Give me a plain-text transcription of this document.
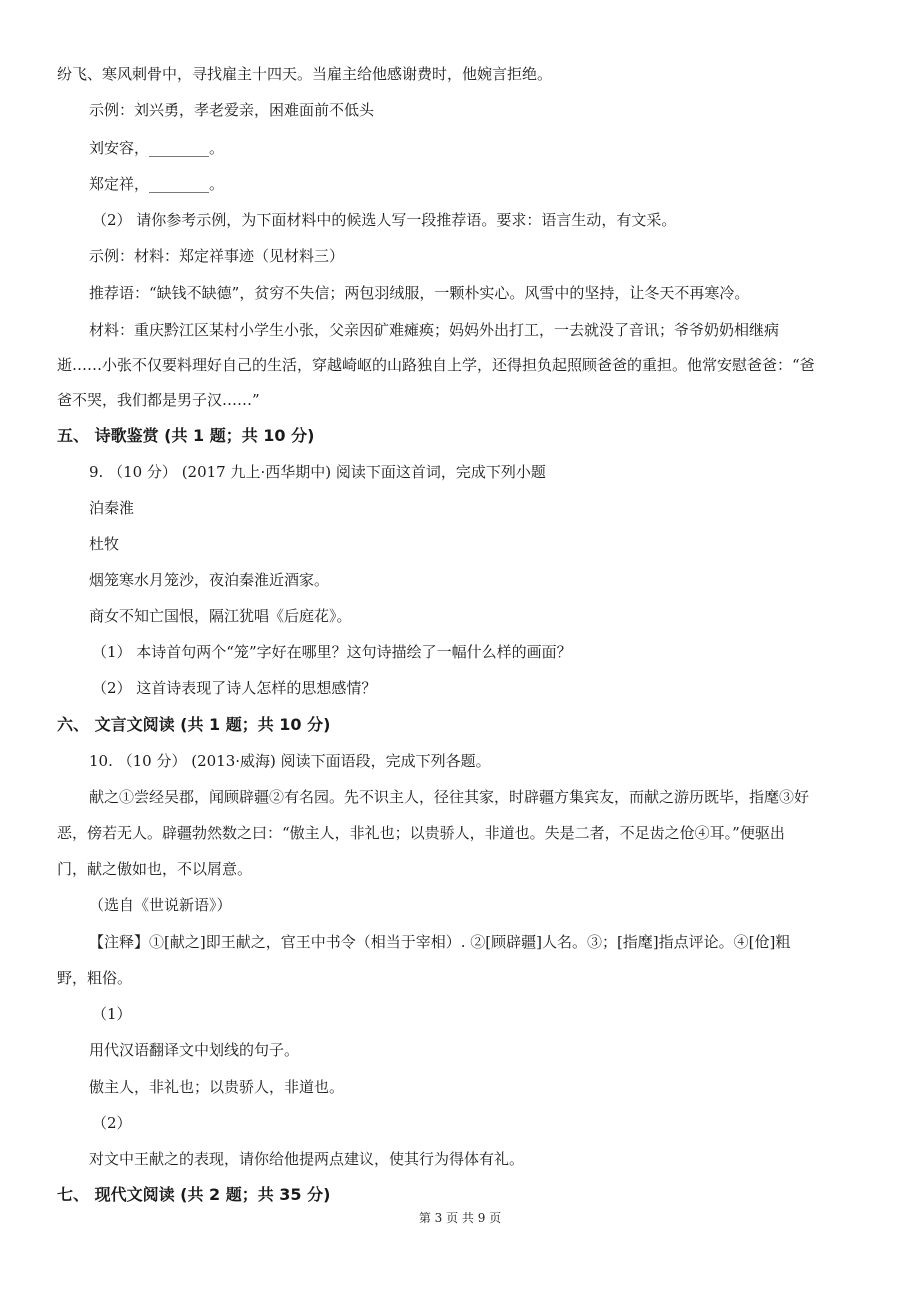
纷飞、寒风刺骨中，寻找雇主十四天。当雇主给他感谢费时，他婉言拒绝。
示例：刘兴勇，孝老爱亲，困难面前不低头
刘安容，________。
郑定祥，________。
（2） 请你参考示例，为下面材料中的候选人写一段推荐语。要求：语言生动，有文采。
示例：材料：郑定祥事迹（见材料三）
推荐语：“缺钱不缺德”，贫穷不失信；两包羽绒服，一颗朴实心。风雪中的坚持，让冬天不再寒冷。
材料：重庆黔江区某村小学生小张，父亲因矿难瘫痪；妈妈外出打工，一去就没了音讯；爷爷奶奶相继病
逝……小张不仅要料理好自己的生活，穿越崎岖的山路独自上学，还得担负起照顾爸爸的重担。他常安慰爸爸：“爸
爸不哭，我们都是男子汉……”
五、 诗歌鉴赏 (共 1 题；共 10 分)
9. （10 分） (2017 九上·西华期中) 阅读下面这首词，完成下列小题
泊秦淮
杜牧
烟笼寒水月笼沙，夜泊秦淮近酒家。
商女不知亡国恨，隔江犹唱《后庭花》。
（1） 本诗首句两个“笼”字好在哪里？这句诗描绘了一幅什么样的画面？
（2） 这首诗表现了诗人怎样的思想感情？
六、 文言文阅读 (共 1 题；共 10 分)
10. （10 分） (2013·威海) 阅读下面语段，完成下列各题。
献之①尝经吴郡，闻顾辟疆②有名园。先不识主人，径往其家，时辟疆方集宾友，而献之游历既毕，指麾③好
恶，傍若无人。辟疆勃然数之曰：“傲主人，非礼也；以贵骄人，非道也。失是二者，不足齿之伧④耳。”便驱出
门，献之傲如也，不以屑意。
（选自《世说新语》）
【注释】①[献之]即王献之，官王中书令（相当于宰相）. ②[顾辟疆]人名。③；[指麾]指点评论。④[伧]粗
野，粗俗。
（1）
用代汉语翻译文中划线的句子。
傲主人，非礼也；以贵骄人，非道也。
（2）
对文中王献之的表现，请你给他提两点建议，使其行为得体有礼。
七、 现代文阅读 (共 2 题；共 35 分)
第 3 页 共 9 页
